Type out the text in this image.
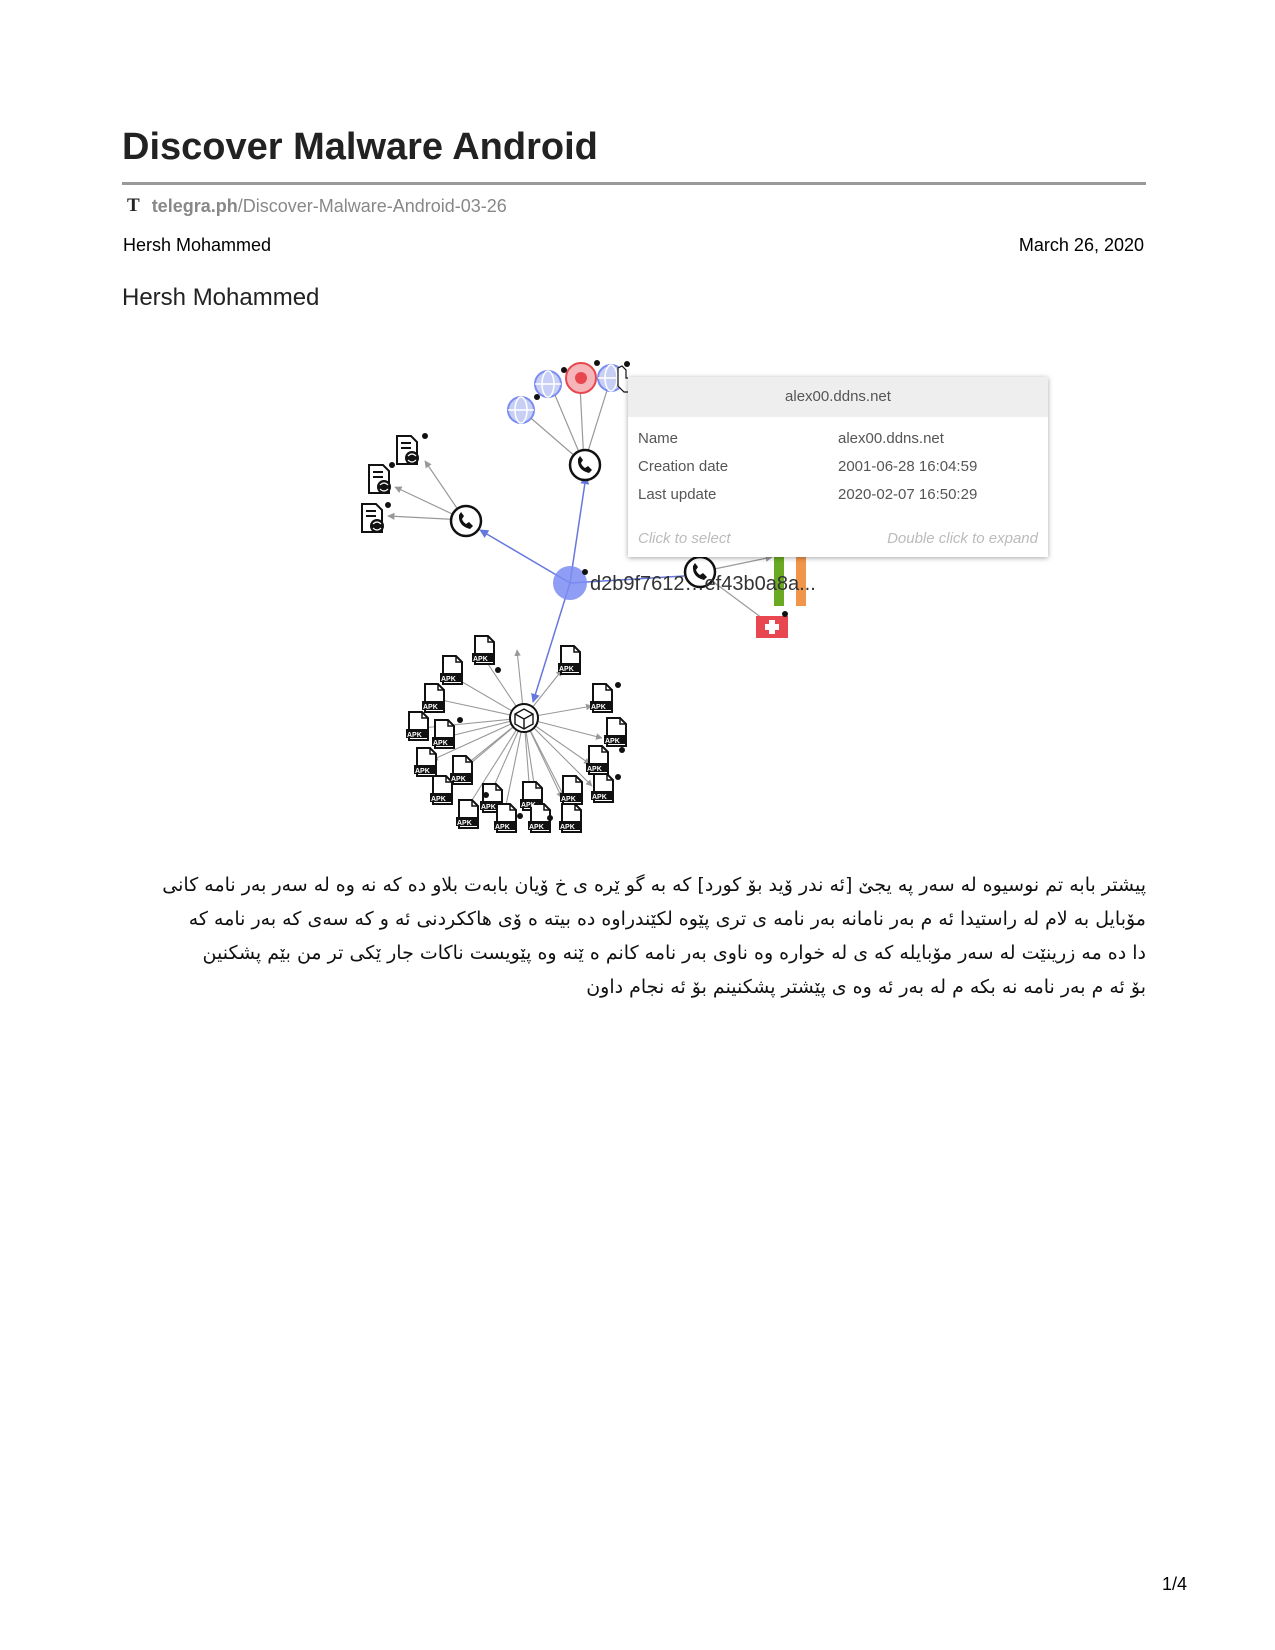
Discover Malware Android
T telegra.ph /Discover-Malware-Android-03-26
Hersh Mohammed	March 26, 2020
Hersh Mohammed
d2b9f7612…ef43b0a8a...
APK
APK
APK
APK	APK
APK
APK	APK
APK
APK
APK
APK
APK	APK
APK APK
APK
APK	APK APK
alex00.ddns.net
Name	alex00.ddns.net
Creation date	2001-06-28 16:04:59
Last update	2020-02-07 16:50:29
Click to select	Double click to expand

پیشتر بابە تم نوسیوە لە سەر پە یجێ [ئە ندر ۆید بۆ کورد] کە بە گو ێرە ی خ ۆیان بابەت بلاو دە کە نە وە لە سەر بەر نامە کانی
مۆبایل بە لام لە راستیدا ئە م بەر نامانە بەر نامە ی تری پێوە لکێندراوە دە بیتە ه ۆی هاککردنی ئە و کە سەی کە بەر نامە کە
دا دە مە زرینێت لە سەر مۆبایلە کە ی لە خوارە وە ناوی بەر نامە کانم ه ێنە وە پێویست ناکات جار ێکی تر من بێم پشکنین
بۆ ئە م بەر نامە نە بکە م لە بەر ئە وە ی پێشتر پشکنینم بۆ ئە نجام داون

1/4
